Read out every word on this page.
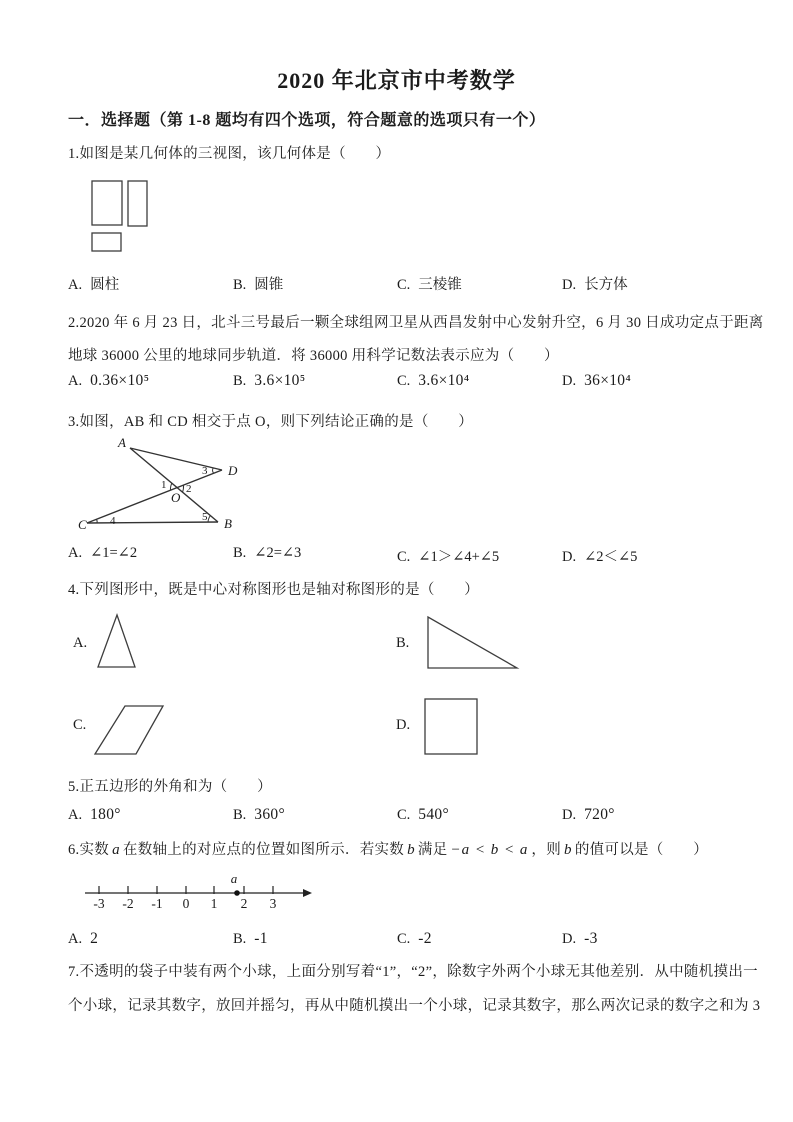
2020 年北京市中考数学
一．选择题（第 1-8 题均有四个选项，符合题意的选项只有一个）
1.如图是某几何体的三视图，该几何体是（　　）
A. 圆柱	B. 圆锥	C. 三棱锥	D. 长方体
2.2020 年 6 月 23 日，北斗三号最后一颗全球组网卫星从西昌发射中心发射升空，6 月 30 日成功定点于距离
地球 36000 公里的地球同步轨道．将 36000 用科学记数法表示应为（　　）
A. 0.36×10⁵	B. 3.6×10⁵	C. 3.6×10⁴	D. 36×10⁴
3.如图，AB 和 CD 相交于点 O，则下列结论正确的是（　　）
A
D
O
C	B
1 2
3
4	5
A. ∠1=∠2	B. ∠2=∠3	C. ∠1＞∠4+∠5	D. ∠2＜∠5
4.下列图形中，既是中心对称图形也是轴对称图形的是（　　）
A.	B.
C.	D.
5.正五边形的外角和为（　　）
A. 180°	B. 360°	C. 540°	D. 720°
6.实数 a 在数轴上的对应点的位置如图所示．若实数 b 满足 −a < b < a ，则 b 的值可以是（　　）
a
-3 -2 -1 0 1 2 3
A. 2	B. -1	C. -2	D. -3
7.不透明的袋子中装有两个小球，上面分别写着“1”，“2”，除数字外两个小球无其他差别．从中随机摸出一
个小球，记录其数字，放回并摇匀，再从中随机摸出一个小球，记录其数字，那么两次记录的数字之和为 3
